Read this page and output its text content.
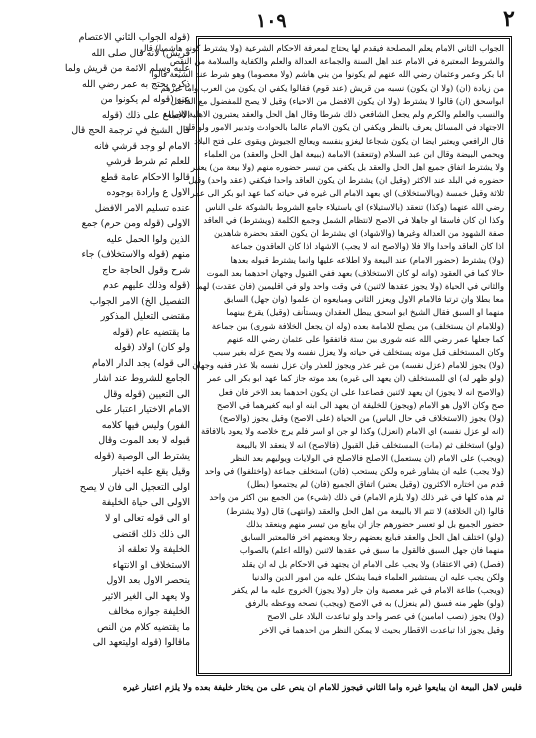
١٠٩	٢
الجواب الثاني الامام يعلم المصلحة فيقدم لها يحتاج لمعرفة الاحكام الشرعية (ولا يشترط كونه هاشميا) قال
والشروط المعتبرة في الامام عند اهل السنة والجماعة العدالة والعلم والكفاية والسلامة من النقص
ابا بكر وعمر وعثمان رضي الله عنهم لم يكونوا من بني هاشم (ولا معصوما) وهو شرط عند الشيعة قالوا
من زيادة (ان) (ولا ان يكون) نسبه من قريش (عند قوم) فقالوا يكفي ان يكون من العرب واما غيرهم
ابواسحق (ان) قالوا لا يشترط (ولا ان يكون الافضل من الاحياء) وقيل لا يصح للمفضول مع الفاضل
والنسب والعلم والكرم ولم يجعل الشافعي ذلك شرطا وقال اهل الحل والعقد يعتبرون الاهلية للامامة
الاجتهاد في المسائل يعرف بالنظر ويكفي ان يكون الامام عالما بالحوادث وتدبير الامور ولو قلد
قال الرافعي ويعتبر ايضا ان يكون شجاعا ليغزو بنفسه ويعالج الجيوش ويقوى على فتح البلاد
ويحمي البيضة وقال ابن عبد السلام (وتنعقد) الامامة (ببيعة اهل الحل والعقد) من العلماء
ولا يشترط اتفاق جميع اهل الحل والعقد بل يكفي من تيسر حضوره منهم (ولا بيعة من) يعتبر
حضوره في البلد عند الاكثر (وقيل ان) يشترط ان يكون العاقد واحدا فيكفي (عقد واحد) وقيل
ثلاثة وقيل خمسة (وبالاستخلاف) اي بعهد الامام الى غيره في حياته كما عهد ابو بكر الى عمر
رضي الله عنهما (وكذا) تنعقد (بالاستيلاء) اي باستيلاء جامع الشروط بالشوكة على الناس
وكذا ان كان فاسقا او جاهلا في الاصح لانتظام الشمل وجمع الكلمة (ويشترط) في العاقد
صفة الشهود من العدالة وغيرها (والاشهاد) اي يشترط ان يكون العقد بحضرة شاهدين
اذا كان العاقد واحدا والا فلا (والاصح انه لا يجب) الاشهاد اذا كان العاقدون جماعة
(ولا) يشترط (حضور الامام) عند البيعة ولا اطلاعه عليها وانما يشترط قبوله بعدها
حالا كما في العقود (وانه لو كان الاستخلاف) بعهد ففي القبول وجهان احدهما بعد الموت
والثاني في الحياة (ولا يجوز عقدها لاثنين) في وقت واحد ولو في اقليمين (فان عقدت) لهما
معا بطلا وان ترتبا فالامام الاول ويعزر الثاني ومبايعوه ان علموا (وان جهل) السابق
منهما او السبق فقال الشيخ ابو اسحق يبطل العقدان ويستأنف (وقيل) يقرع بينهما
(وللامام ان يستخلف) من يصلح للامامة بعده (وله ان يجعل الخلافة شورى) بين جماعة
كما جعلها عمر رضي الله عنه شورى بين ستة فاتفقوا على عثمان رضي الله عنهم
وكان المستخلف قبل موته يستخلف في حياته ولا يعزل نفسه ولا يصح عزله بغير سبب
(ولا) يجوز للامام (عزل نفسه) من غير عذر ويجوز للعذر وان عزل نفسه بلا عذر ففيه وجهان
(ولو ظهر له) اي للمستخلف (ان يعهد الى غيره) بعد موته جاز كما عهد ابو بكر الى عمر
(والاصح انه لا يجوز) ان يعهد لاثنين فصاعدا على ان يكون احدهما بعد الاخر فان فعل
صح وكان الاول هو الامام (ويجوز) للخليفة ان يعهد الى ابنه او ابيه كغيرهما في الاصح
(ولا) يجوز (الاستخلاف في حال الياس) من الحياة (على الاصح) وقيل يجوز (والاصح)
(انه لو عزل نفسه) اي الامام (انعزل) وكذا لو جن او اسر فلم يرج خلاصه ولا يعود بالافاقة
(ولو) استخلف ثم (مات) المستخلف قبل القبول (فالاصح) انه لا ينعقد الا بالبيعة
(ويجب) على الامام (ان يستعمل) الاصلح فالاصلح في الولايات ويوليهم بعد النظر
(ولا يجب) عليه ان يشاور غيره ولكن يستحب (فان) استخلف جماعة (واختلفوا) في واحد
قدم من اختاره الاكثرون (وقيل يعتبر) اتفاق الجميع (فان) لم يجتمعوا (بطل)
ثم هذه كلها في غير ذلك (ولا يلزم الامام) في ذلك (شيء) من الجمع بين اكثر من واحد
قالوا (ان الخلافة) لا تتم الا بالبيعة من اهل الحل والعقد (وانتهى) قال (ولا يشترط)
حضور الجميع بل لو تعسر حضورهم جاز ان يبايع من تيسر منهم وينعقد بذلك
(ولو) اختلف اهل الحل والعقد فبايع بعضهم رجلا وبعضهم اخر فالمعتبر السابق
منهما فان جهل السبق فالقول ما سبق في عقدها لاثنين (والله اعلم) بالصواب
(فصل) (في الاعتقاد) ولا يجب على الامام ان يجتهد في الاحكام بل له ان يقلد
ولكن يجب عليه ان يستشير العلماء فيما يشكل عليه من امور الدين والدنيا
(ويجب) طاعة الامام في غير معصية وان جار (ولا يجوز) الخروج عليه ما لم يكفر
(ولو) ظهر منه فسق (لم ينعزل) به في الاصح (ويجب) نصحه ووعظه بالرفق
(ولا) يجوز (نصب امامين) في عصر واحد ولو تباعدت البلاد على الاصح
وقيل يجوز اذا تباعدت الاقطار بحيث لا يمكن النظر من احدهما في الاخر
(قوله الجواب الثاني الاعتصام
قريش) لانه قال صلى الله
عليه وسلم الائمة من قريش ولما
ذكره يحتج به عمر رضي الله
عنه (قوله لم يكونوا من
الاجماع على ذلك (قوله
قال الشيخ في ترجمة الحج قال
الامام لو وجد قرشي فانه
للعلم ثم شرط قرشي
قالوا الاحكام عامة قطع
الاول ع وارادة بوجوده
عنده تسليم الامر الافضل
الاولى (قوله ومن حرم) جمع
الذين ولوا الحمل عليه
منهم (قوله والاستخلاف) جاء
شرح وقول الحاجة حاج
(قوله وذلك عليهم عدم
التفصيل الخ) الامر الجواب
مقتضى التعليل المذكور
ما يقتضيه عام (قوله
ولو كان) اولاد (قوله
الى قوله) يجد الدار الامام
الجامع للشروط عند اشار
الى التعيين (قوله وقال
الامام الاختيار اعتبار على
الفور) وليس فيها كلامه
قبوله لا بعد الموت وقال
يشترط الى الوصية (قوله
وقيل يقع عليه اختيار
اولى التعجيل الى فان لا يصح
الاولى الى حياة الخليفة
او الى قوله تعالى او لا
الى ذلك ذلك اقتضى
الخليفة ولا تعلقه اذ
الاستخلاف او الانتهاء
ينحصر الاول بعد الاول
ولا يعهد الى الغير الاثير
الخليفة جوازه مخالف
ما يقتضيه كلام من النص
ماقالوا (قوله اوليتعهد الى
فليس لاهل البيعة ان يبايعوا غيره واما الثاني فيجوز للامام ان ينص على من يختار خليفة بعده ولا يلزم اعتبار غيره
